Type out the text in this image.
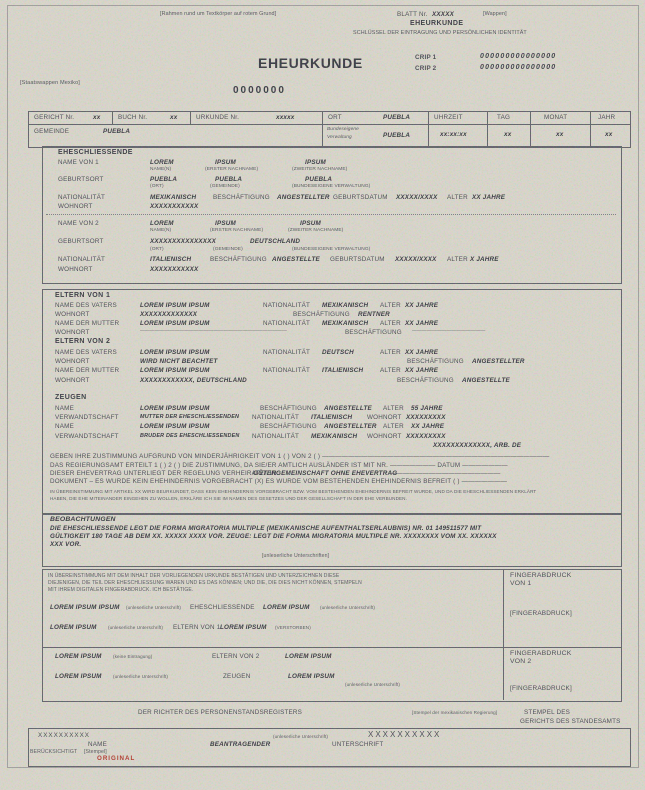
[Rahmen rund um Textkörper auf rotem Grund]	BLATT Nr. XXXXX	[Wappen]
EHEURKUNDE
SCHLÜSSEL DER EINTRAGUNG UND PERSÖNLICHEN IDENTITÄT
EHEURKUNDE	CRIP 1	000000000000000
CRIP 2	000000000000000
[Staatswappen Mexiko]
0000000
GERICHT Nr.	xx	BUCH Nr.	xx	URKUNDE Nr.	xxxxx	ORT	PUEBLA	UHRZEIT	TAG	MONAT	JAHR
GEMEINDE	PUEBLA	Bundeseigene
Verwaltung	PUEBLA	xx:xx:xx	xx	xx	xx
EHESCHLIESSENDE
NAME VON 1	LOREM	IPSUM	IPSUM
NAME(N)	(ERSTER NACHNAME)	(ZWEITER NACHNAME)
GEBURTSORT	PUEBLA	PUEBLA	PUEBLA
(ORT)	(GEMEINDE)	(BUNDESEIGENE VERWALTUNG)
NATIONALITÄT	MEXIKANISCH	BESCHÄFTIGUNG ANGESTELLTER GEBURTSDATUM XXXXX/XXXX ALTER XX JAHRE
WOHNORT	XXXXXXXXXXX
NAME VON 2	LOREM	IPSUM	IPSUM
NAME(N)	(ERSTER NACHNAME)	(ZWEITER NACHNAME)
GEBURTSORT	XXXXXXXXXXXXXXX	DEUTSCHLAND
(ORT)	(GEMEINDE)	(BUNDESEIGENE VERWALTUNG)
NATIONALITÄT	ITALIENISCH	BESCHÄFTIGUNG ANGESTELLTE GEBURTSDATUM XXXXX/XXXX ALTER X JAHRE
WOHNORT	XXXXXXXXXXX
ELTERN VON 1
NAME DES VATERS	LOREM IPSUM IPSUM	NATIONALITÄT MEXIKANISCH ALTER XX JAHRE
WOHNORT	XXXXXXXXXXXXX	BESCHÄFTIGUNG RENTNER
NAME DER MUTTER	LOREM IPSUM IPSUM	NATIONALITÄT MEXIKANISCH ALTER XX JAHRE
WOHNORT	——————————————————————————————	BESCHÄFTIGUNG ———————————————
ELTERN VON 2
NAME DES VATERS	LOREM IPSUM IPSUM	NATIONALITÄT DEUTSCH	ALTER XX JAHRE
WOHNORT	WIRD NICHT BEACHTET	BESCHÄFTIGUNG ANGESTELLTER
NAME DER MUTTER	LOREM IPSUM IPSUM	NATIONALITÄT ITALIENISCH	ALTER XX JAHRE
WOHNORT	XXXXXXXXXXXX, DEUTSCHLAND	BESCHÄFTIGUNG ANGESTELLTE
ZEUGEN
NAME	LOREM IPSUM IPSUM	BESCHÄFTIGUNG ANGESTELLTE ALTER 55 JAHRE
VERWANDTSCHAFT	MUTTER DER EHESCHLIESSENDEN NATIONALITÄT ITALIENISCH WOHNORT XXXXXXXXX
NAME	LOREM IPSUM IPSUM	BESCHÄFTIGUNG ANGESTELLTER ALTER XX JAHRE
VERWANDTSCHAFT	BRUDER DES EHESCHLIESSENDEN NATIONALITÄT MEXIKANISCH WOHNORT XXXXXXXXX
XXXXXXXXXXXXX, ARB. DE
GEBEN IHRE ZUSTIMMUNG AUFGRUND VON MINDERJÄHRIGKEIT VON 1 ( ) VON 2 ( ) ———————————————————————————————————
DAS REGIERUNGSAMT ERTEILT 1 ( ) 2 ( ) DIE ZUSTIMMUNG, DA SIE/ER AMTLICH AUSLÄNDER IST MIT NR. ——————— DATUM ———————
DIESER EHEVERTRAG UNTERLIEGT DER REGELUNG VERHEIRATET IN:
GÜTERGEMEINSCHAFT OHNE EHEVERTRAG
—————————————————
DOKUMENT – ES WURDE KEIN EHEHINDERNIS VORGEBRACHT (X) ES WURDE VOM BESTEHENDEN EHEHINDERNIS BEFREIT ( ) ———————
IN ÜBEREINSTIMMUNG MIT ARTIKEL XX WIRD BEURKUNDET, DASS KEIN EHEHINDERNIS VORGEBRACHT BZW. VOM BESTEHENDEN EHEHINDERNIS BEFREIT WURDE, UND DA DIE EHESCHLIESSENDEN ERKLÄRT
HABEN, DIE EHE MITEINANDER EINGEHEN ZU WOLLEN, ERKLÄRE ICH SIE IM NAMEN DES GESETZES UND DER GESELLSCHAFT IN DER EHE VERBUNDEN.
BEOBACHTUNGEN
DIE EHESCHLIESSENDE LEGT DIE FORMA MIGRATORIA MULTIPLE (MEXIKANISCHE AUFENTHALTSERLAUBNIS) NR. 01 149511577 MIT
GÜLTIGKEIT 180 TAGE AB DEM XX. XXXXX XXXX VOR. ZEUGE: LEGT DIE FORMA MIGRATORIA MULTIPLE NR. XXXXXXXX VOM XX. XXXXXX
XXX VOR.
[unleserliche Unterschriften]
IN ÜBEREINSTIMMUNG MIT DEM INHALT DER VORLIEGENDEN URKUNDE BESTÄTIGEN UND UNTERZEICHNEN DIESE
DIEJENIGEN, DIE TEIL DER EHESCHLIESSUNG WAREN UND ES DAS KÖNNEN; UND DIE, DIE DIES NICHT KÖNNEN, STEMPELN
MIT IHREM DIGITALEN FINGERABDRUCK. ICH BESTÄTIGE.
LOREM IPSUM IPSUM (unleserliche Unterschrift) EHESCHLIESSENDE LOREM IPSUM (unleserliche Unterschrift)
LOREM IPSUM (unleserliche Unterschrift) ELTERN VON 1 LOREM IPSUM (VERSTORBEN)
FINGERABDRUCK
VON 1
[FINGERABDRUCK]
LOREM IPSUM (keine Eintragung)	ELTERN VON 2	LOREM IPSUM
LOREM IPSUM (unleserliche Unterschrift)	ZEUGEN	LOREM IPSUM
(unleserliche Unterschrift)
FINGERABDRUCK
VON 2
[FINGERABDRUCK]
DER RICHTER DES PERSONENSTANDSREGISTERS	[Stempel der mexikanischen Regierung]	STEMPEL DES
GERICHTS DES STANDESAMTS
XXXXXXXXXX	(unleserliche Unterschrift)	XXXXXXXXXX
NAME	BEANTRAGENDER	UNTERSCHRIFT
BERÜCKSICHTIGT [Stempel]
ORIGINAL
